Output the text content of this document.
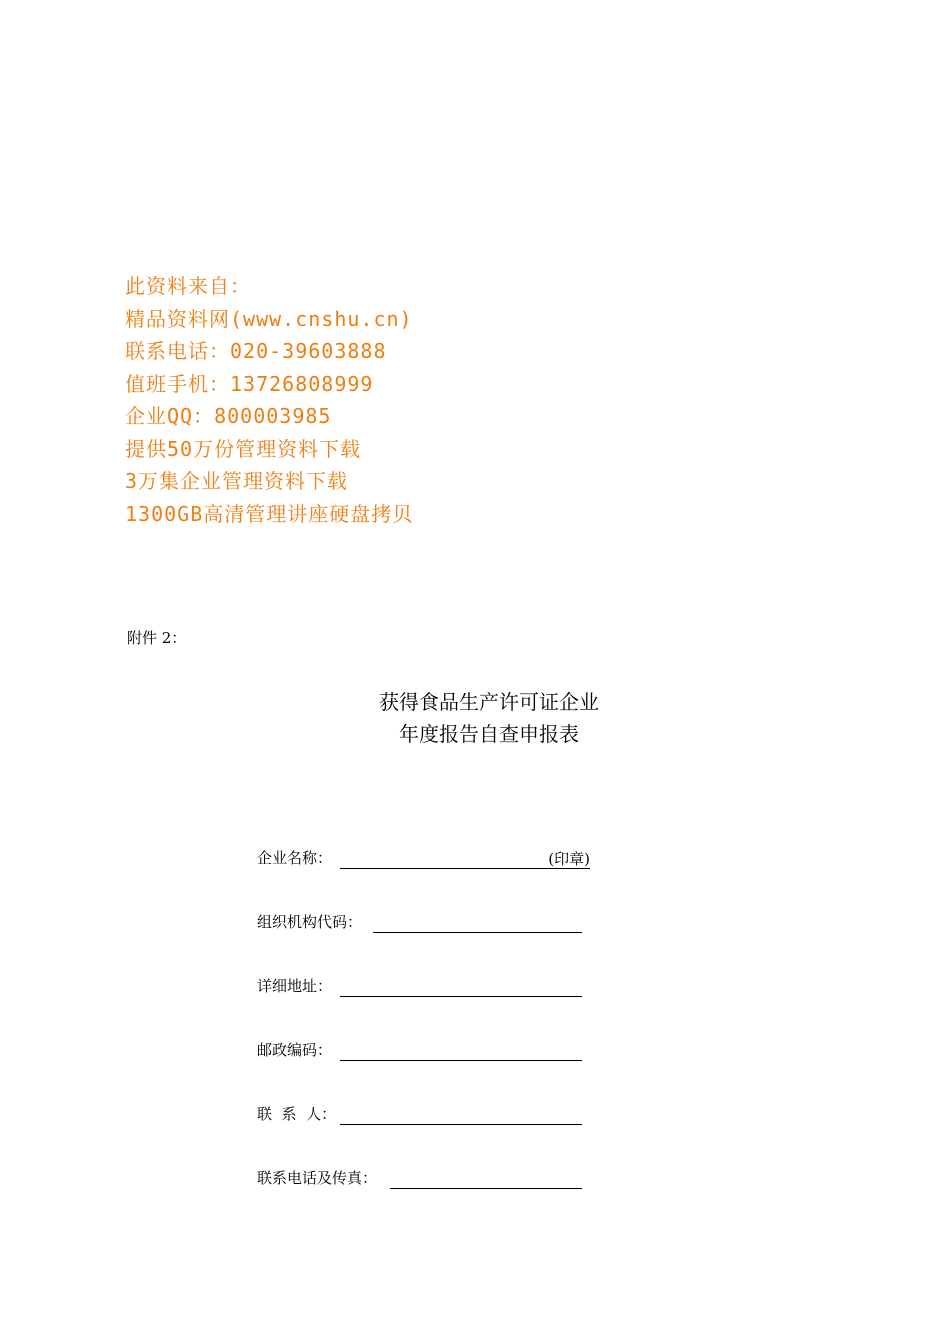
此资料来自：
精品资料网(www.cnshu.cn)
联系电话：020-39603888
值班手机：13726808999
企业QQ：800003985
提供50万份管理资料下载
3万集企业管理资料下载
1300GB高清管理讲座硬盘拷贝
附件 2：
获得食品生产许可证企业
年度报告自查申报表
企业名称：	(印章)
组织机构代码：
详细地址：
邮政编码：
联  系  人：
联系电话及传真：
